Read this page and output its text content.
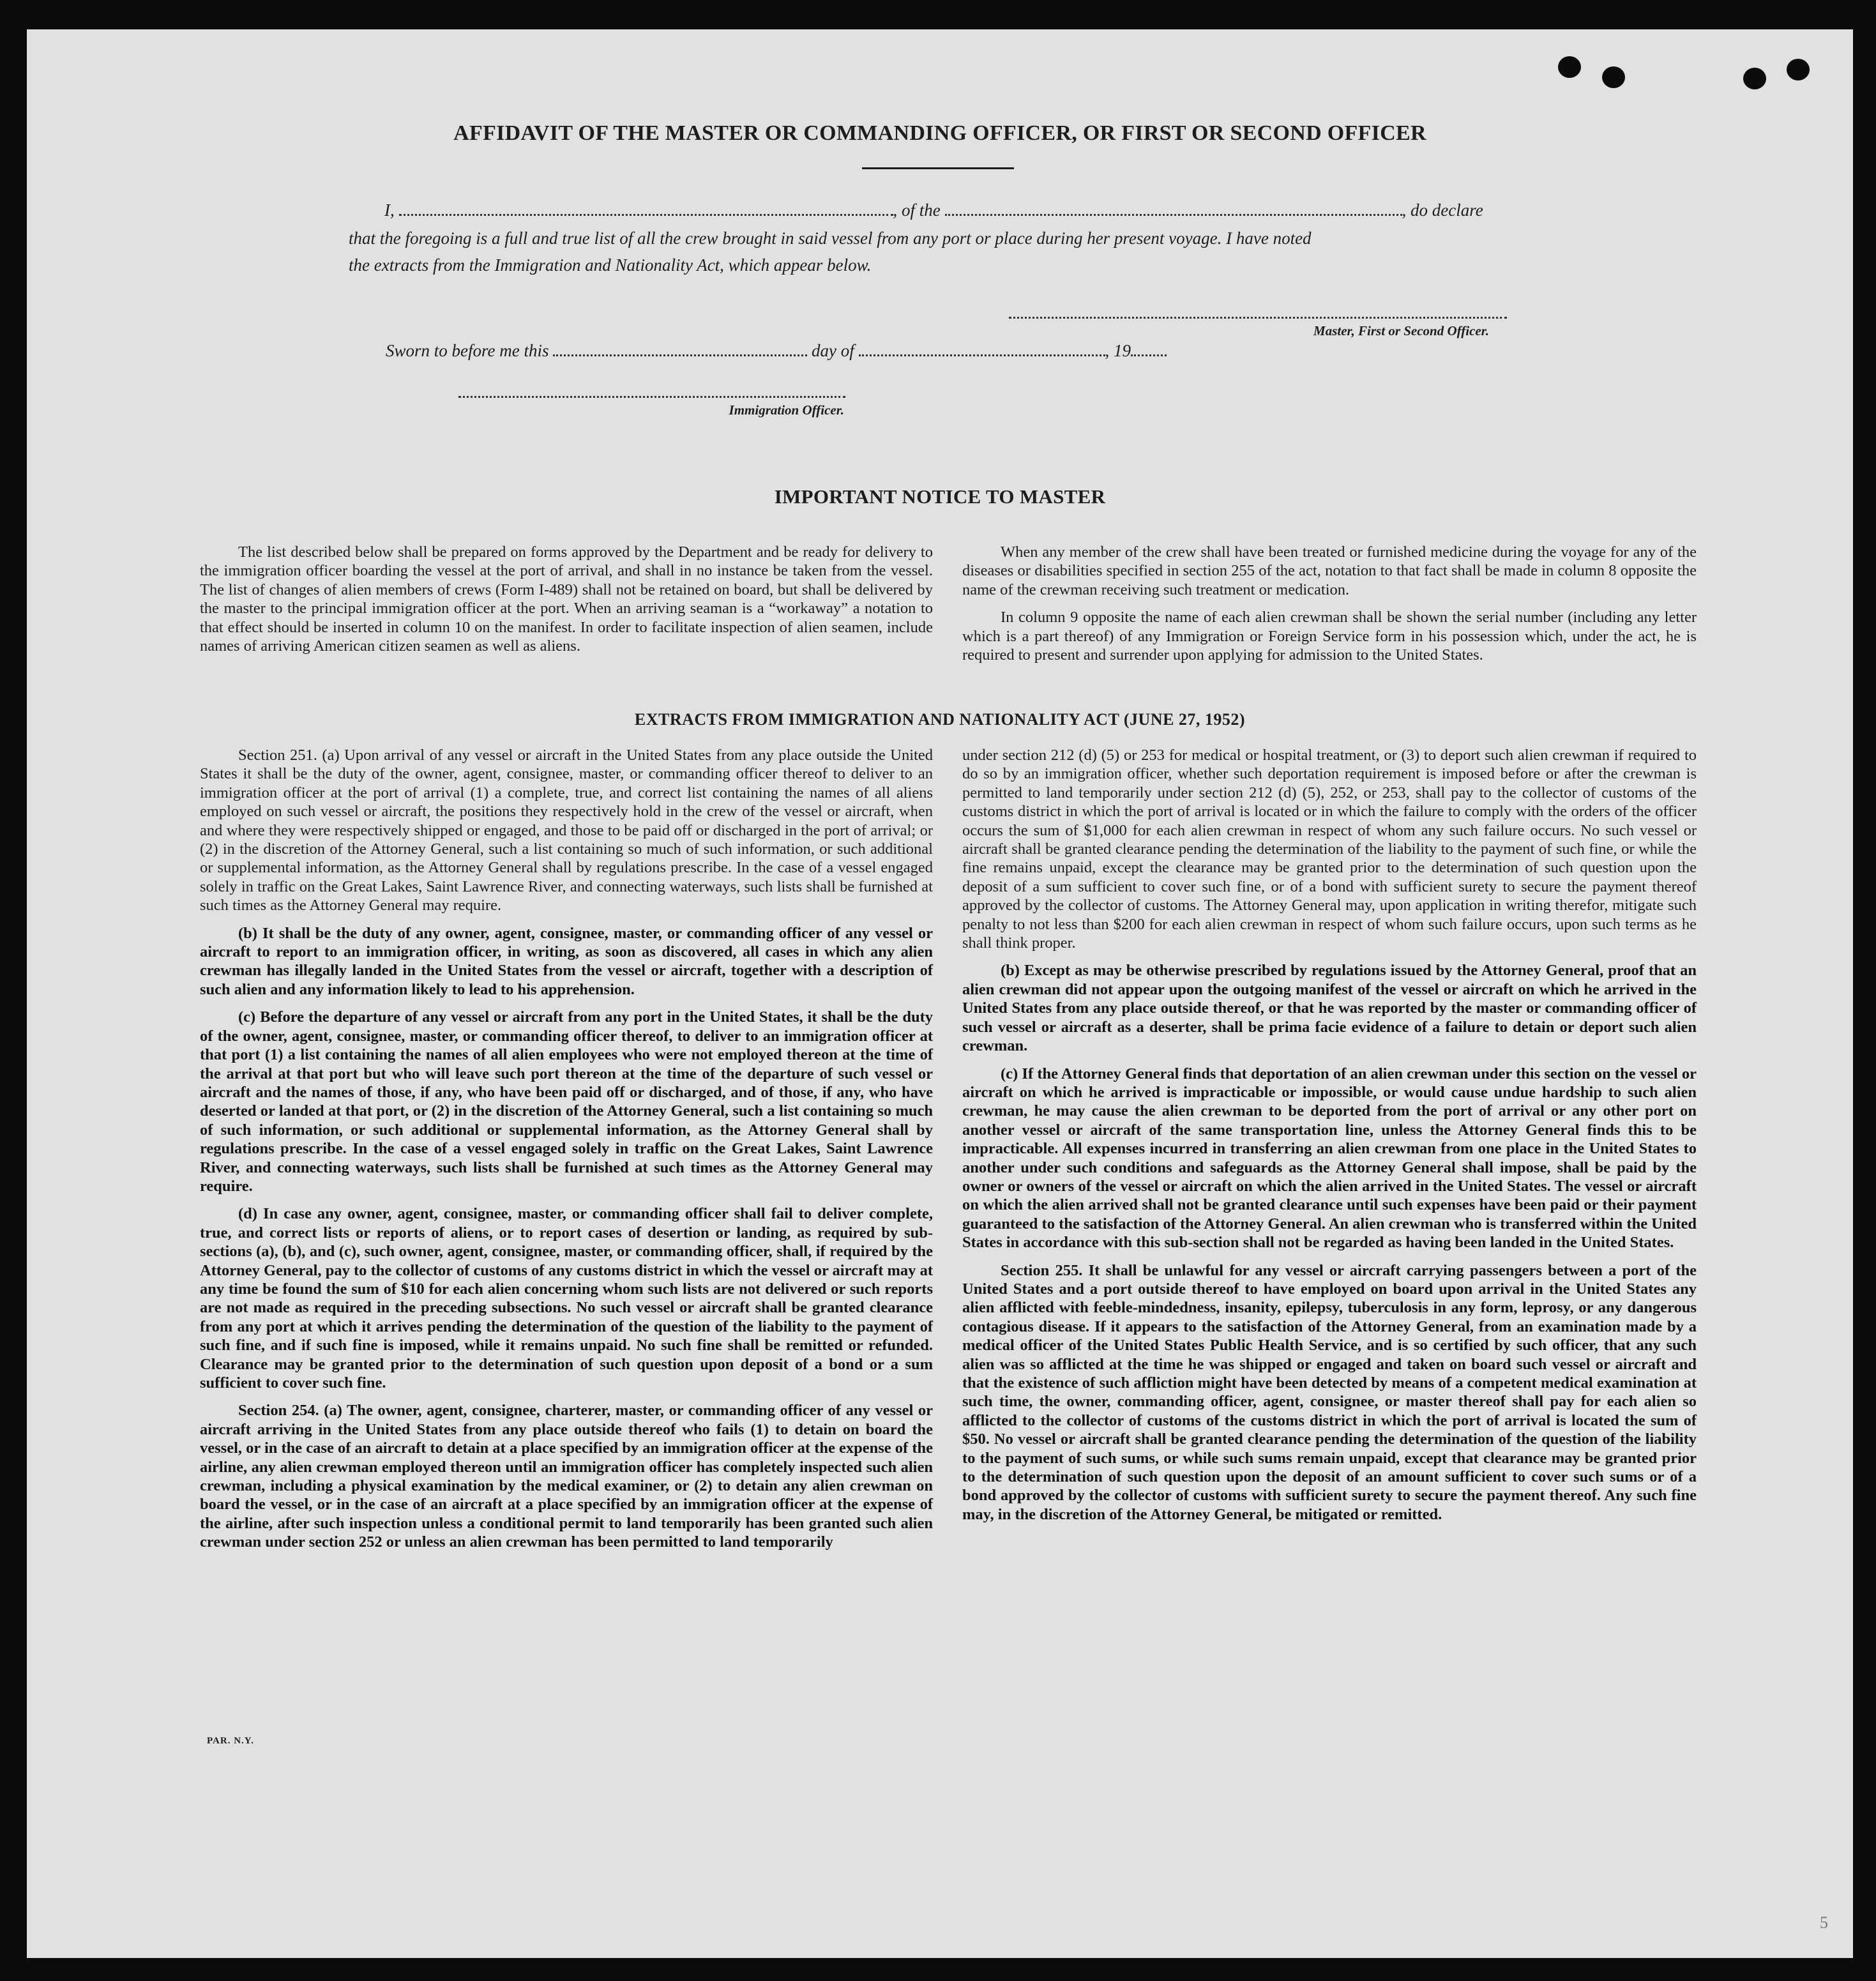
AFFIDAVIT OF THE MASTER OR COMMANDING OFFICER, OR FIRST OR SECOND OFFICER
I,	, of the	, do declare
that the foregoing is a full and true list of all the crew brought in said vessel from any port or place during her present voyage. I have noted
the extracts from the Immigration and Nationality Act, which appear below.
Master, First or Second Officer.
Sworn to before me this	day of	, 19
Immigration Officer.
IMPORTANT NOTICE TO MASTER

The list described below shall be prepared on forms approved by the Department and be ready for delivery to the immigration officer boarding the vessel at the port of arrival, and shall in no instance be taken from the vessel. The list of changes of alien members of crews (Form I-489) shall not be retained on board, but shall be delivered by the master to the principal immigration officer at the port. When an arriving seaman is a “workaway” a notation to that effect should be inserted in column 10 on the manifest. In order to facilitate inspection of alien seamen, include names of arriving American citizen seamen as well as aliens.

When any member of the crew shall have been treated or furnished medicine during the voyage for any of the diseases or disabilities specified in section 255 of the act, notation to that fact shall be made in column 8 opposite the name of the crewman receiving such treatment or medication.

In column 9 opposite the name of each alien crewman shall be shown the serial number (including any letter which is a part thereof) of any Immigration or Foreign Service form in his possession which, under the act, he is required to present and surrender upon applying for admission to the United States.

EXTRACTS FROM IMMIGRATION AND NATIONALITY ACT (JUNE 27, 1952)

Section 251. (a) Upon arrival of any vessel or aircraft in the United States from any place outside the United States it shall be the duty of the owner, agent, consignee, master, or commanding officer thereof to deliver to an immigration officer at the port of arrival (1) a complete, true, and correct list containing the names of all aliens employed on such vessel or aircraft, the positions they respectively hold in the crew of the vessel or aircraft, when and where they were respectively shipped or engaged, and those to be paid off or discharged in the port of arrival; or (2) in the discretion of the Attorney General, such a list containing so much of such information, or such additional or supplemental information, as the Attorney General shall by regulations prescribe. In the case of a vessel engaged solely in traffic on the Great Lakes, Saint Lawrence River, and connecting waterways, such lists shall be furnished at such times as the Attorney General may require.

(b) It shall be the duty of any owner, agent, consignee, master, or commanding officer of any vessel or aircraft to report to an immigration officer, in writing, as soon as discovered, all cases in which any alien crewman has illegally landed in the United States from the vessel or aircraft, together with a description of such alien and any information likely to lead to his apprehension.

(c) Before the departure of any vessel or aircraft from any port in the United States, it shall be the duty of the owner, agent, consignee, master, or commanding officer thereof, to deliver to an immigration officer at that port (1) a list containing the names of all alien employees who were not employed thereon at the time of the arrival at that port but who will leave such port thereon at the time of the departure of such vessel or aircraft and the names of those, if any, who have been paid off or discharged, and of those, if any, who have deserted or landed at that port, or (2) in the discretion of the Attorney General, such a list containing so much of such information, or such additional or supplemental information, as the Attorney General shall by regulations prescribe. In the case of a vessel engaged solely in traffic on the Great Lakes, Saint Lawrence River, and connecting waterways, such lists shall be furnished at such times as the Attorney General may require.

(d) In case any owner, agent, consignee, master, or commanding officer shall fail to deliver complete, true, and correct lists or reports of aliens, or to report cases of desertion or landing, as required by sub-sections (a), (b), and (c), such owner, agent, consignee, master, or commanding officer, shall, if required by the Attorney General, pay to the collector of customs of any customs district in which the vessel or aircraft may at any time be found the sum of $10 for each alien concerning whom such lists are not delivered or such reports are not made as required in the preceding subsections. No such vessel or aircraft shall be granted clearance from any port at which it arrives pending the determination of the question of the liability to the payment of such fine, and if such fine is imposed, while it remains unpaid. No such fine shall be remitted or refunded. Clearance may be granted prior to the determination of such question upon deposit of a bond or a sum sufficient to cover such fine.

Section 254. (a) The owner, agent, consignee, charterer, master, or commanding officer of any vessel or aircraft arriving in the United States from any place outside thereof who fails (1) to detain on board the vessel, or in the case of an aircraft to detain at a place specified by an immigration officer at the expense of the airline, any alien crewman employed thereon until an immigration officer has completely inspected such alien crewman, including a physical examination by the medical examiner, or (2) to detain any alien crewman on board the vessel, or in the case of an aircraft at a place specified by an immigration officer at the expense of the airline, after such inspection unless a conditional permit to land temporarily has been granted such alien crewman under section 252 or unless an alien crewman has been permitted to land temporarily

under section 212 (d) (5) or 253 for medical or hospital treatment, or (3) to deport such alien crewman if required to do so by an immigration officer, whether such deportation requirement is imposed before or after the crewman is permitted to land temporarily under section 212 (d) (5), 252, or 253, shall pay to the collector of customs of the customs district in which the port of arrival is located or in which the failure to comply with the orders of the officer occurs the sum of $1,000 for each alien crewman in respect of whom any such failure occurs. No such vessel or aircraft shall be granted clearance pending the determination of the liability to the payment of such fine, or while the fine remains unpaid, except the clearance may be granted prior to the determination of such question upon the deposit of a sum sufficient to cover such fine, or of a bond with sufficient surety to secure the payment thereof approved by the collector of customs. The Attorney General may, upon application in writing therefor, mitigate such penalty to not less than $200 for each alien crewman in respect of whom such failure occurs, upon such terms as he shall think proper.

(b) Except as may be otherwise prescribed by regulations issued by the Attorney General, proof that an alien crewman did not appear upon the outgoing manifest of the vessel or aircraft on which he arrived in the United States from any place outside thereof, or that he was reported by the master or commanding officer of such vessel or aircraft as a deserter, shall be prima facie evidence of a failure to detain or deport such alien crewman.

(c) If the Attorney General finds that deportation of an alien crewman under this section on the vessel or aircraft on which he arrived is impracticable or impossible, or would cause undue hardship to such alien crewman, he may cause the alien crewman to be deported from the port of arrival or any other port on another vessel or aircraft of the same transportation line, unless the Attorney General finds this to be impracticable. All expenses incurred in transferring an alien crewman from one place in the United States to another under such conditions and safeguards as the Attorney General shall impose, shall be paid by the owner or owners of the vessel or aircraft on which the alien arrived in the United States. The vessel or aircraft on which the alien arrived shall not be granted clearance until such expenses have been paid or their payment guaranteed to the satisfaction of the Attorney General. An alien crewman who is transferred within the United States in accordance with this sub-section shall not be regarded as having been landed in the United States.

Section 255. It shall be unlawful for any vessel or aircraft carrying passengers between a port of the United States and a port outside thereof to have employed on board upon arrival in the United States any alien afflicted with feeble-mindedness, insanity, epilepsy, tuberculosis in any form, leprosy, or any dangerous contagious disease. If it appears to the satisfaction of the Attorney General, from an examination made by a medical officer of the United States Public Health Service, and is so certified by such officer, that any such alien was so afflicted at the time he was shipped or engaged and taken on board such vessel or aircraft and that the existence of such affliction might have been detected by means of a competent medical examination at such time, the owner, commanding officer, agent, consignee, or master thereof shall pay for each alien so afflicted to the collector of customs of the customs district in which the port of arrival is located the sum of $50. No vessel or aircraft shall be granted clearance pending the determination of the question of the liability to the payment of such sums, or while such sums remain unpaid, except that clearance may be granted prior to the determination of such question upon the deposit of an amount sufficient to cover such sums or of a bond approved by the collector of customs with sufficient surety to secure the payment thereof. Any such fine may, in the discretion of the Attorney General, be mitigated or remitted.

PAR. N.Y.
5
